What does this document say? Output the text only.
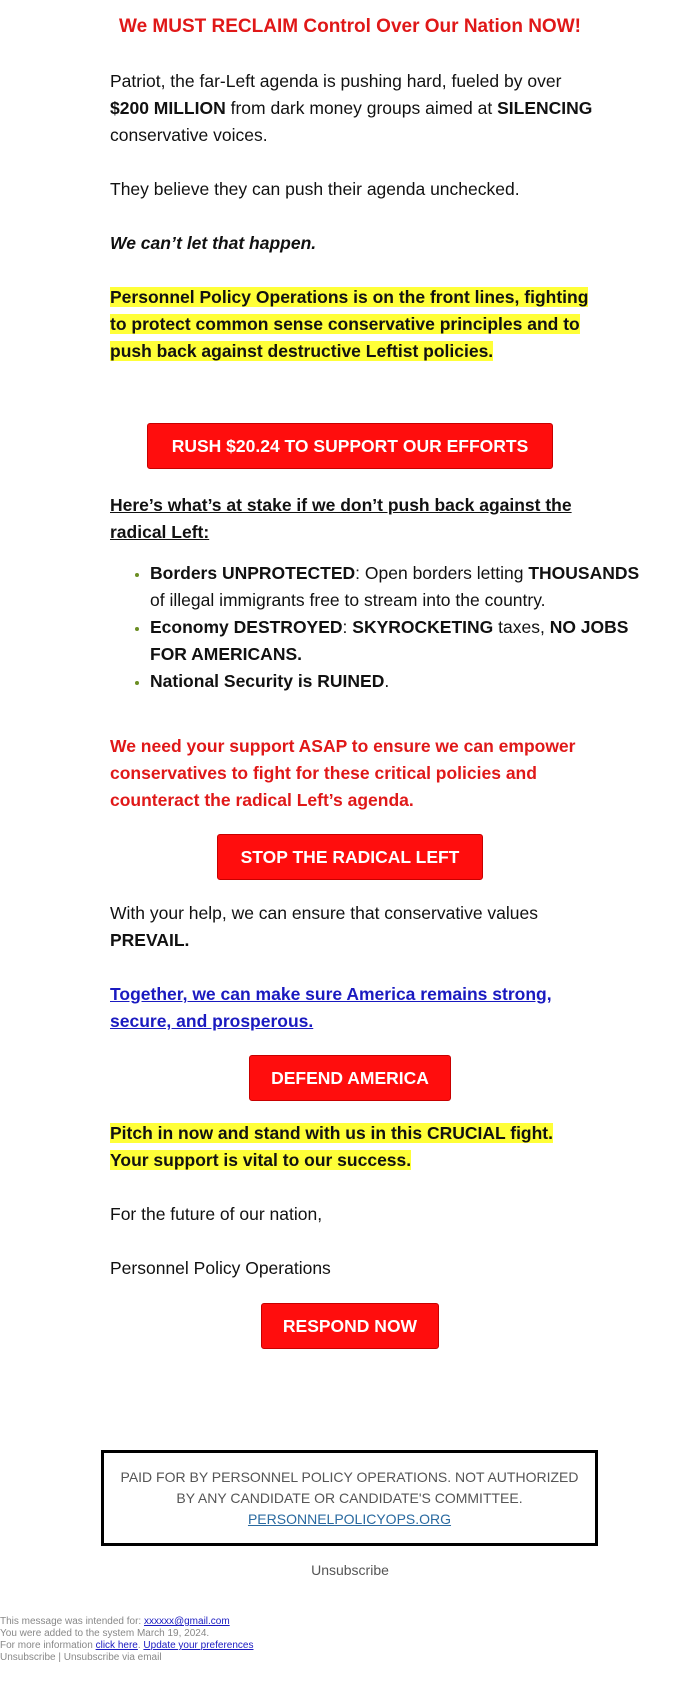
We MUST RECLAIM Control Over Our Nation NOW!

Patriot, the far-Left agenda is pushing hard, fueled by over $200 MILLION from dark money groups aimed at SILENCING conservative voices.

They believe they can push their agenda unchecked.

We can’t let that happen.

Personnel Policy Operations is on the front lines, fighting to protect common sense conservative principles and to push back against destructive Leftist policies.

RUSH $20.24 TO SUPPORT OUR EFFORTS

Here’s what’s at stake if we don’t push back against the radical Left:

• Borders UNPROTECTED: Open borders letting THOUSANDS of illegal immigrants free to stream into the country.
• Economy DESTROYED: SKYROCKETING taxes, NO JOBS FOR AMERICANS.
• National Security is RUINED.

We need your support ASAP to ensure we can empower conservatives to fight for these critical policies and counteract the radical Left’s agenda.

STOP THE RADICAL LEFT

With your help, we can ensure that conservative values PREVAIL.

Together, we can make sure America remains strong, secure, and prosperous.

DEFEND AMERICA

Pitch in now and stand with us in this CRUCIAL fight. Your support is vital to our success.

For the future of our nation,

Personnel Policy Operations

RESPOND NOW
PAID FOR BY PERSONNEL POLICY OPERATIONS. NOT AUTHORIZED BY ANY CANDIDATE OR CANDIDATE'S COMMITTEE.
PERSONNELPOLICYOPS.ORG
Unsubscribe
This message was intended for: xxxxxx@gmail.com
You were added to the system March 19, 2024.
For more information click here. Update your preferences
Unsubscribe | Unsubscribe via email
